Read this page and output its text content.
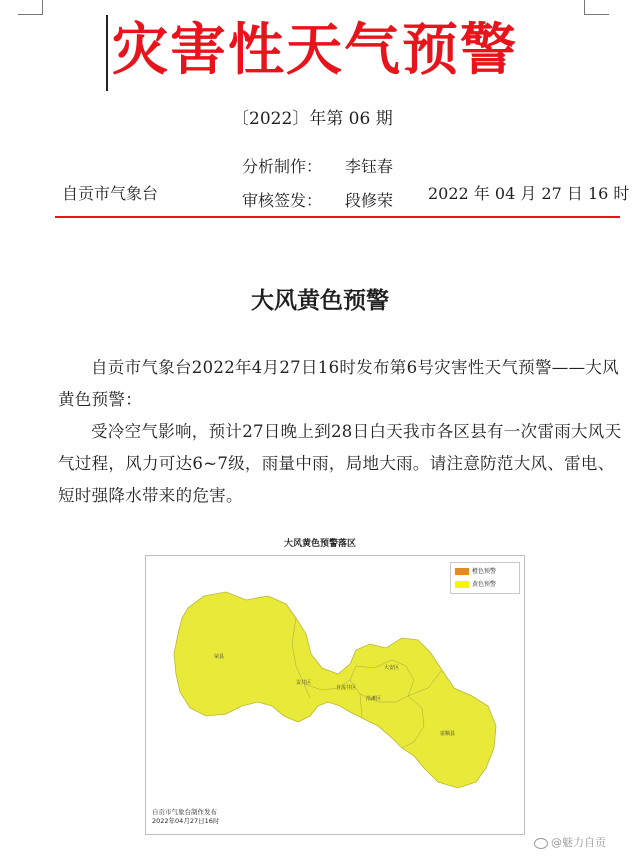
灾害性天气预警
〔2022〕年第 06 期
分析制作： 李钰春
审核签发： 段修荣
自贡市气象台	2022 年 04 月 27 日 16 时
大风黄色预警

自贡市气象台2022年4月27日16时发布第6号灾害性天气预警——大风黄色预警：

受冷空气影响，预计27日晚上到28日白天我市各区县有一次雷雨大风天气过程，风力可达6~7级，雨量中雨，局地大雨。请注意防范大风、雷电、短时强降水带来的危害。

大风黄色预警落区
橙色预警
黄色预警
荣县
贡井区
自流井区
大安区
沿滩区
富顺县
自贡市气象台制作发布
2022年04月27日16时
@魅力自贡
